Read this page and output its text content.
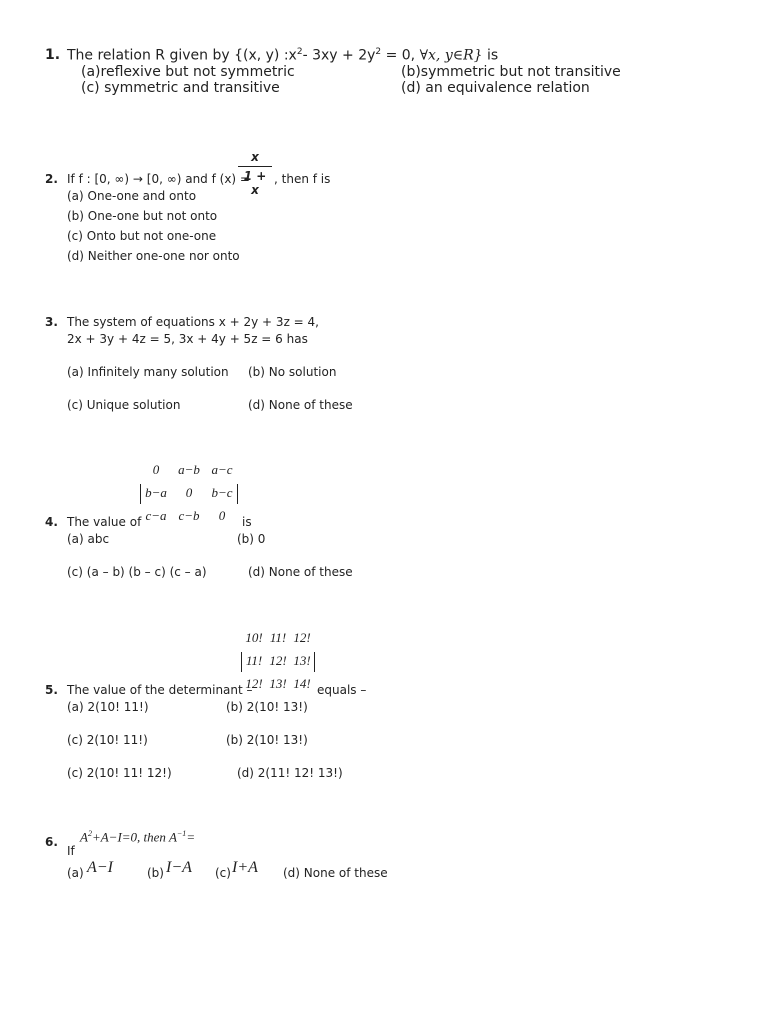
1. The relation R given by {(x, y) $:x^2-$ $3xy + 2y^2 = 0$, ∀x, y∈R} is
(a)reflexive but not symmetric	(b)symmetric but not transitive
(c) symmetric and transitive	(d) an equivalence relation
x
1 + x
2. If f : [0, ∞) → [0, ∞) and f (x) = , then f is
(a) One-one and onto
(b) One-one but not onto
(c) Onto but not one-one
(d) Neither one-one nor onto
3. The system of equations x + 2y + 3z = 4,
2x + 3y + 4z = 5, 3x + 4y + 5z = 6 has
(a) Infinitely many solution (b) No solution
(c) Unique solution	(d) None of these
0	a−b a−c
b−a	0	b−c
c−a c−b	0
4. The value of	is
(a) abc	(b) 0
(c) (a – b) (b – c) (c – a)	(d) None of these
10! 11! 12!
11! 12! 13!
12! 13! 14!
5. The value of the determinant –	equals –
(a) 2(10! 11!)	(b) 2(10! 13!)
(c) 2(10! 11!)	(b) 2(10! 13!)
(c) 2(10! 11! 12!)	(d) 2(11! 12! 13!)
6.
If
$A^2+A-I=0$, then $A^{-1}=$
(a) A−I	(b) I−A (c) I+A (d) None of these
